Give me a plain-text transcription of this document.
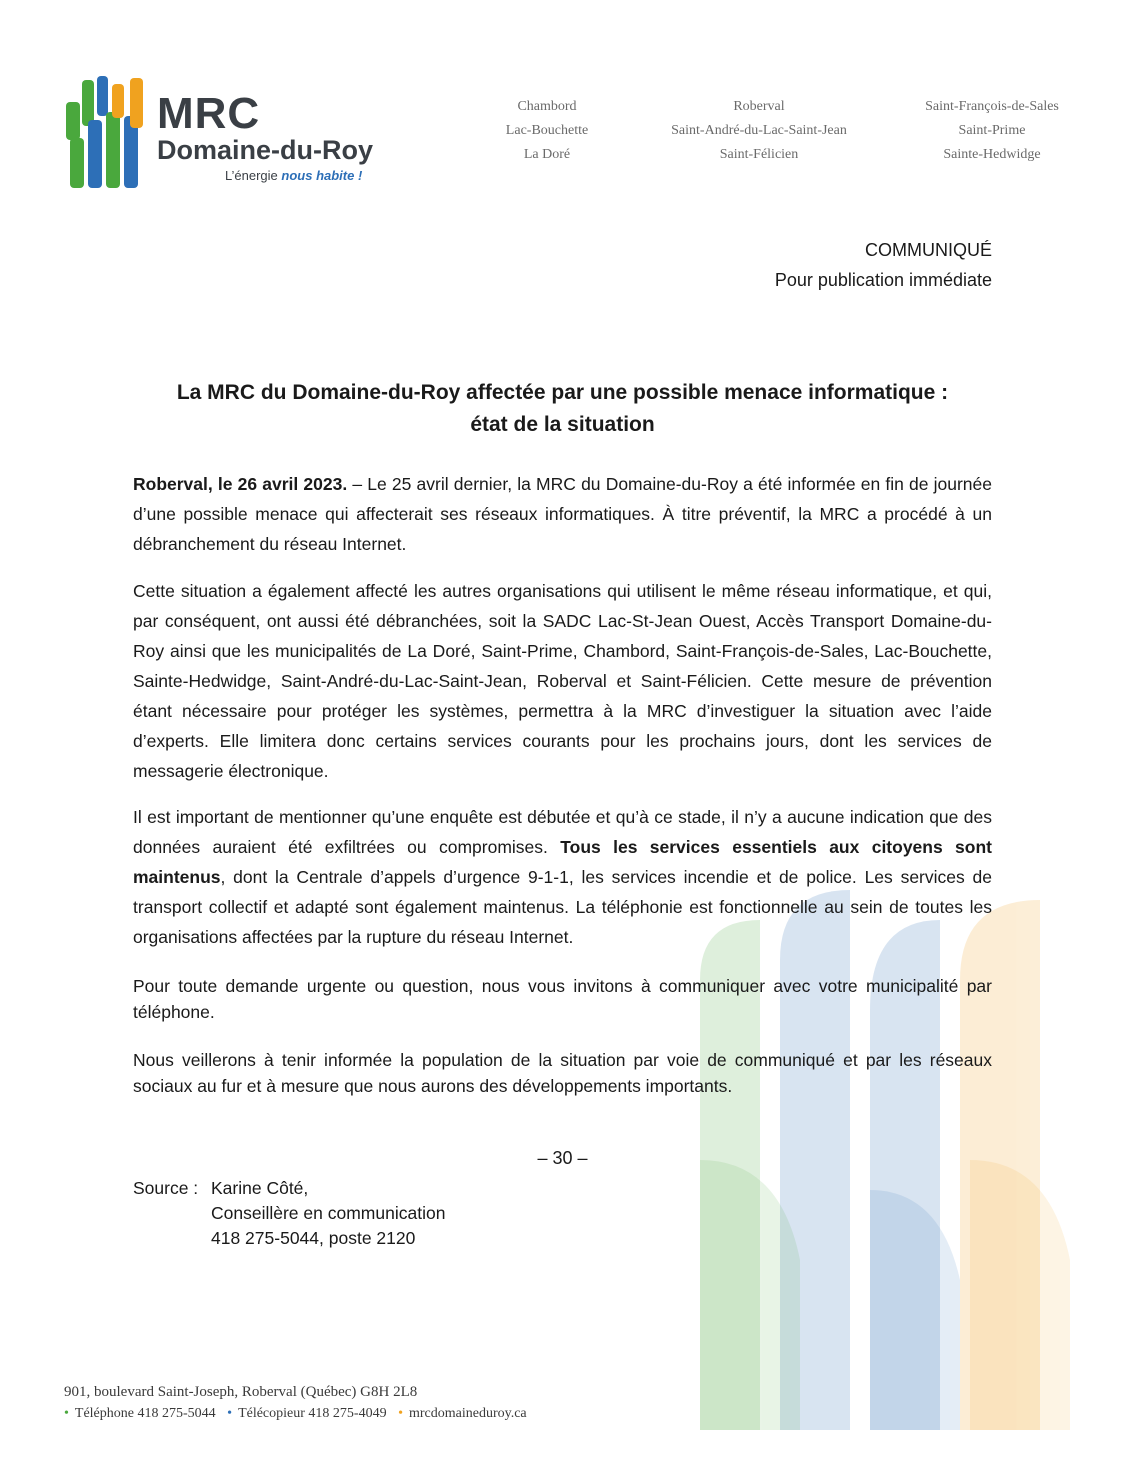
MRC
Domaine-du-Roy
L’énergie nous habite !
Chambord
Lac-Bouchette
La Doré
Roberval
Saint-André-du-Lac-Saint-Jean
Saint-Félicien
Saint-François-de-Sales
Saint-Prime
Sainte-Hedwidge
COMMUNIQUÉ
Pour publication immédiate
La MRC du Domaine-du-Roy affectée par une possible menace informatique :
état de la situation
Roberval, le 26 avril 2023. – Le 25 avril dernier, la MRC du Domaine-du-Roy a été informée en fin de journée d’une possible menace qui affecterait ses réseaux informatiques. À titre préventif, la MRC a procédé à un débranchement du réseau Internet.
Cette situation a également affecté les autres organisations qui utilisent le même réseau informatique, et qui, par conséquent, ont aussi été débranchées, soit la SADC Lac-St-Jean Ouest, Accès Transport Domaine-du-Roy ainsi que les municipalités de La Doré, Saint-Prime, Chambord, Saint-François-de-Sales, Lac-Bouchette, Sainte-Hedwidge, Saint-André-du-Lac-Saint-Jean, Roberval et Saint-Félicien. Cette mesure de prévention étant nécessaire pour protéger les systèmes, permettra à la MRC d’investiguer la situation avec l’aide d’experts. Elle limitera donc certains services courants pour les prochains jours, dont les services de messagerie électronique.
Il est important de mentionner qu’une enquête est débutée et qu’à ce stade, il n’y a aucune indication que des données auraient été exfiltrées ou compromises. Tous les services essentiels aux citoyens sont maintenus, dont la Centrale d’appels d’urgence 9-1-1, les services incendie et de police. Les services de transport collectif et adapté sont également maintenus. La téléphonie est fonctionnelle au sein de toutes les organisations affectées par la rupture du réseau Internet.
Pour toute demande urgente ou question, nous vous invitons à communiquer avec votre municipalité par téléphone.
Nous veillerons à tenir informée la population de la situation par voie de communiqué et par les réseaux sociaux au fur et à mesure que nous aurons des développements importants.
– 30 –
Source : Karine Côté,
Conseillère en communication
418 275-5044, poste 2120
901, boulevard Saint-Joseph, Roberval (Québec) G8H 2L8
• Téléphone 418 275-5044 • Télécopieur 418 275-4049 • mrcdomaineduroy.ca
